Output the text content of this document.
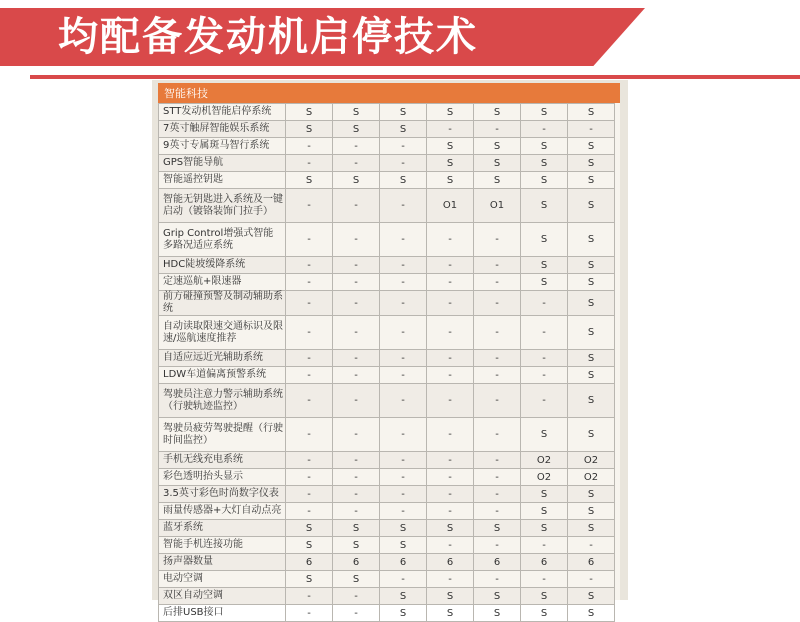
均配备发动机启停技术
智能科技
STT发动机智能启停系统	S	S	S	S	S	S	S
7英寸触屏智能娱乐系统	S	S	S	-	-	-	-
9英寸专属斑马智行系统	-	-	-	S	S	S	S
GPS智能导航	-	-	-	S	S	S	S
智能遥控钥匙	S	S	S	S	S	S	S
智能无钥匙进入系统及一键启动（镀铬装饰门拉手）	-	-	-	O1	O1	S	S
Grip Control增强式智能多路况适应系统	-	-	-	-	-	S	S
HDC陡坡缓降系统	-	-	-	-	-	S	S
定速巡航+限速器	-	-	-	-	-	S	S
前方碰撞预警及制动辅助系统	-	-	-	-	-	-	S
自动读取限速交通标识及限速/巡航速度推荐	-	-	-	-	-	-	S
自适应远近光辅助系统	-	-	-	-	-	-	S
LDW车道偏离预警系统	-	-	-	-	-	-	S
驾驶员注意力警示辅助系统（行驶轨迹监控）	-	-	-	-	-	-	S
驾驶员疲劳驾驶提醒（行驶时间监控）	-	-	-	-	-	S	S
手机无线充电系统	-	-	-	-	-	O2	O2
彩色透明抬头显示	-	-	-	-	-	O2	O2
3.5英寸彩色时尚数字仪表	-	-	-	-	-	S	S
雨量传感器+大灯自动点亮	-	-	-	-	-	S	S
蓝牙系统	S	S	S	S	S	S	S
智能手机连接功能	S	S	S	-	-	-	-
扬声器数量	6	6	6	6	6	6	6
电动空调	S	S	-	-	-	-	-
双区自动空调	-	-	S	S	S	S	S
后排USB接口	-	-	S	S	S	S	S
